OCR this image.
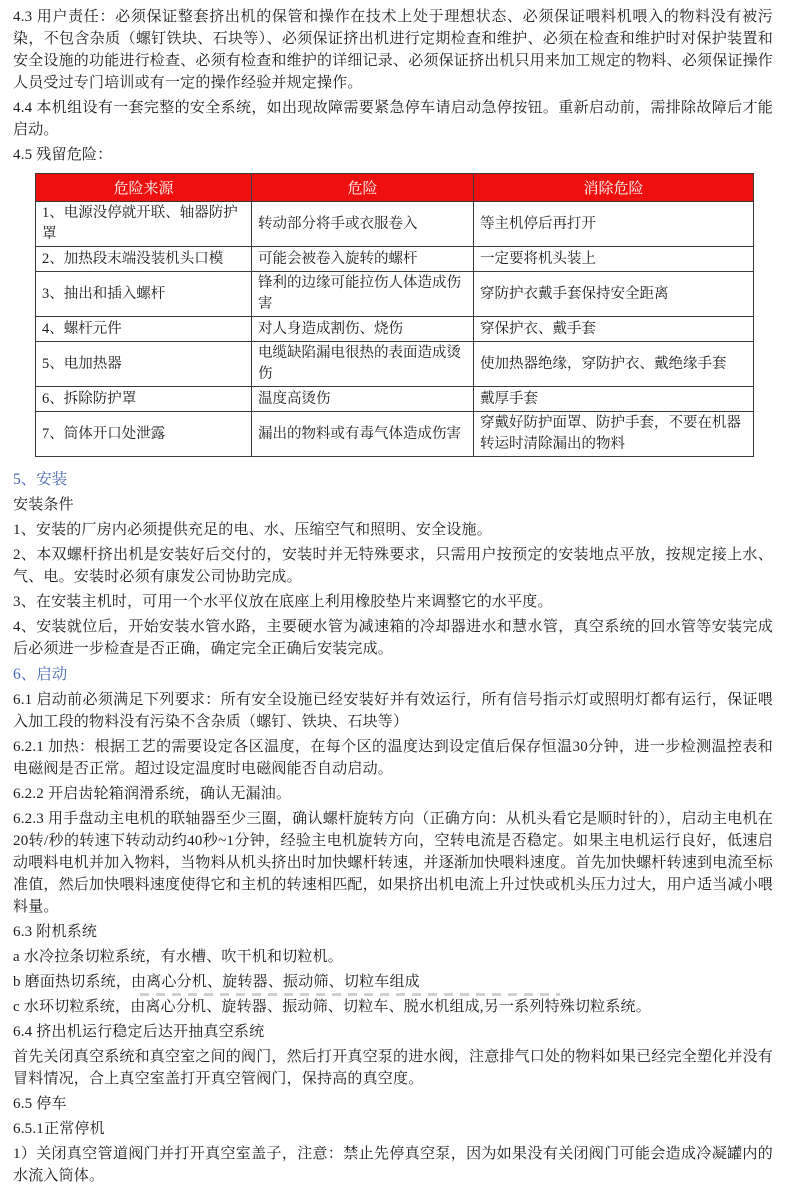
4.3 用户责任：必须保证整套挤出机的保管和操作在技术上处于理想状态、必须保证喂料机喂入的物料没有被污染，不包含杂质（螺钉铁块、石块等）、必须保证挤出机进行定期检查和维护、必须在检查和维护时对保护装置和安全设施的功能进行检查、必须有检查和维护的详细记录、必须保证挤出机只用来加工规定的物料、必须保证操作人员受过专门培训或有一定的操作经验并规定操作。

4.4 本机组设有一套完整的安全系统，如出现故障需要紧急停车请启动急停按钮。重新启动前，需排除故障后才能启动。

4.5 残留危险：

危险来源	危险	消除危险
1、电源没停就开联、轴器防护罩	转动部分将手或衣服卷入	等主机停后再打开
2、加热段末端没装机头口模	可能会被卷入旋转的螺杆	一定要将机头装上
3、抽出和插入螺杆	锋利的边缘可能拉伤人体造成伤害	穿防护衣戴手套保持安全距离
4、螺杆元件	对人身造成割伤、烧伤	穿保护衣、戴手套
5、电加热器	电缆缺陷漏电很热的表面造成烫伤	使加热器绝缘，穿防护衣、戴绝缘手套
6、拆除防护罩	温度高烫伤	戴厚手套
7、筒体开口处泄露	漏出的物料或有毒气体造成伤害	穿戴好防护面罩、防护手套，不要在机器转运时清除漏出的物料

5、安装

安装条件

1、安装的厂房内必须提供充足的电、水、压缩空气和照明、安全设施。

2、本双螺杆挤出机是安装好后交付的，安装时并无特殊要求，只需用户按预定的安装地点平放，按规定接上水、气、电。安装时必须有康发公司协助完成。

3、在安装主机时，可用一个水平仪放在底座上利用橡胶垫片来调整它的水平度。

4、安装就位后，开始安装水管水路，主要硬水管为减速箱的冷却器进水和慧水管，真空系统的回水管等安装完成后必须进一步检查是否正确，确定完全正确后安装完成。

6、启动

6.1 启动前必须满足下列要求：所有安全设施已经安装好并有效运行，所有信号指示灯或照明灯都有运行，保证喂入加工段的物料没有污染不含杂质（螺钉、铁块、石块等）

6.2.1 加热：根据工艺的需要设定各区温度，在每个区的温度达到设定值后保存恒温30分钟，进一步检测温控表和电磁阀是否正常。超过设定温度时电磁阀能否自动启动。

6.2.2 开启齿轮箱润滑系统，确认无漏油。

6.2.3 用手盘动主电机的联轴器至少三圈，确认螺杆旋转方向（正确方向：从机头看它是顺时针的），启动主电机在20转/秒的转速下转动动约40秒~1分钟，经验主电机旋转方向，空转电流是否稳定。如果主电机运行良好，低速启动喂料电机并加入物料，当物料从机头挤出时加快螺杆转速，并逐渐加快喂料速度。首先加快螺杆转速到电流至标准值，然后加快喂料速度使得它和主机的转速相匹配，如果挤出机电流上升过快或机头压力过大，用户适当减小喂料量。

6.3 附机系统

a 水冷拉条切粒系统，有水槽、吹干机和切粒机。

b 磨面热切系统，由离心分机、旋转器、振动筛、切粒车组成

c 水环切粒系统，由离心分机、旋转器、振动筛、切粒车、脱水机组成,另一系列特殊切粒系统。

6.4 挤出机运行稳定后达开抽真空系统

首先关闭真空系统和真空室之间的阀门，然后打开真空泵的进水阀，注意排气口处的物料如果已经完全塑化并没有冒料情况，合上真空室盖打开真空管阀门，保持高的真空度。

6.5 停车

6.5.1正常停机

1）关闭真空管道阀门并打开真空室盖子，注意：禁止先停真空泵，因为如果没有关闭阀门可能会造成冷凝罐内的水流入筒体。
